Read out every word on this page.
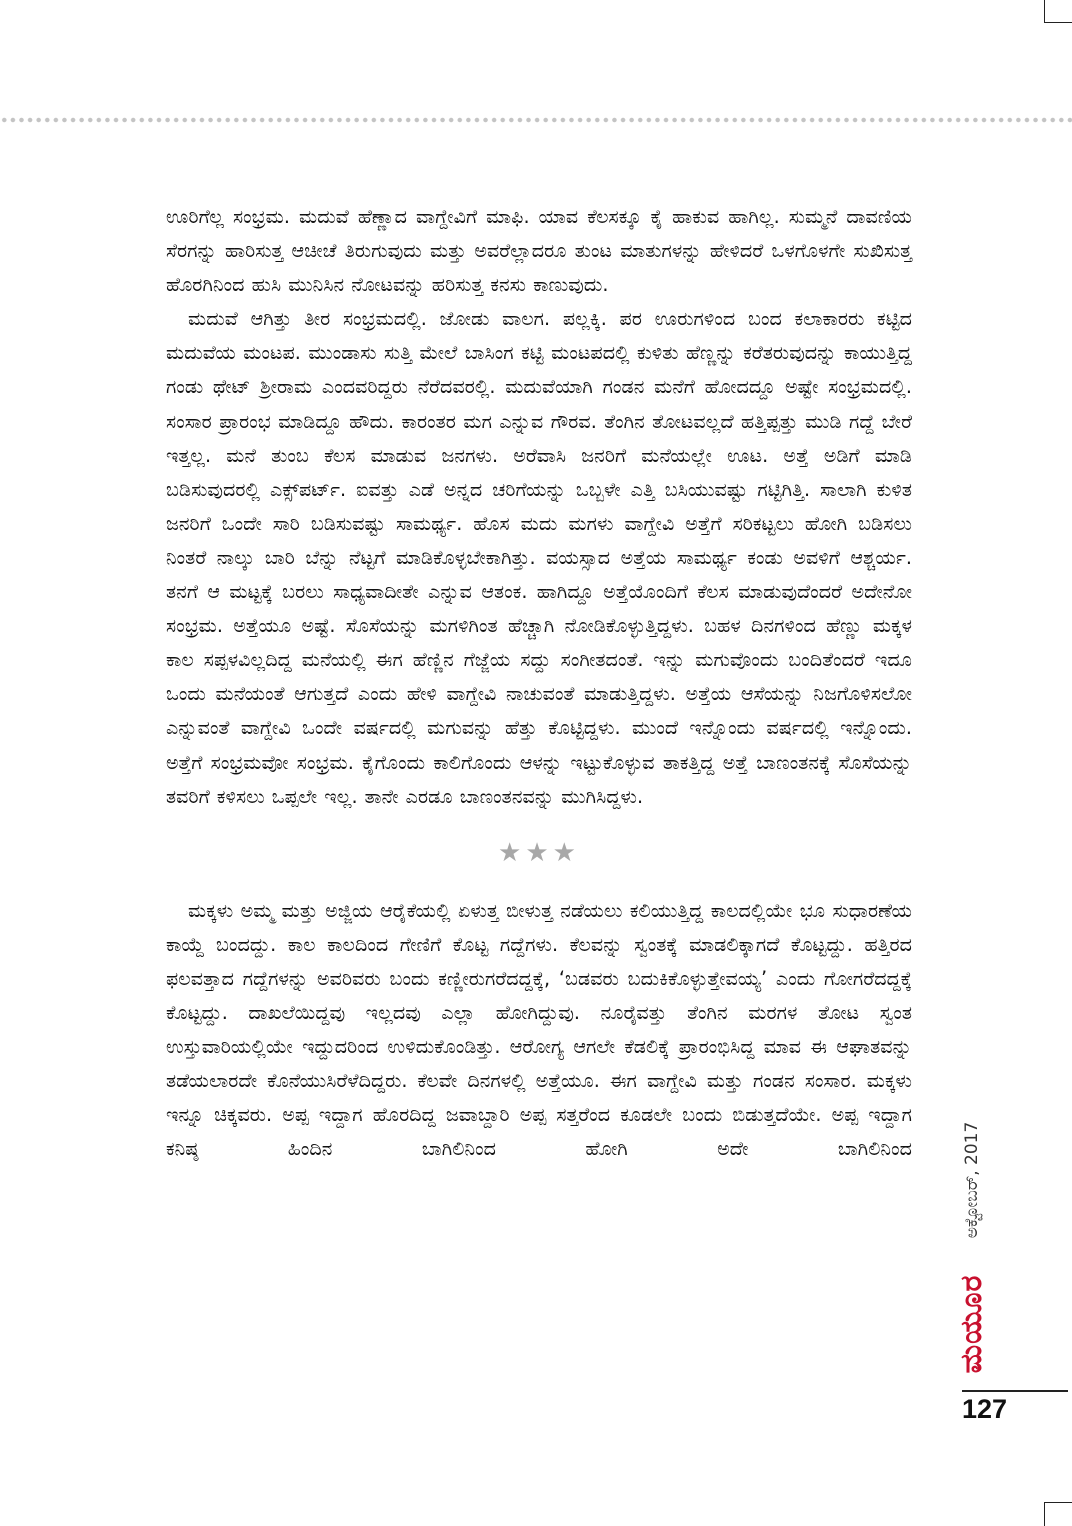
ಊರಿಗೆಲ್ಲ ಸಂಭ್ರಮ. ಮದುವೆ ಹೆಣ್ಣಾದ ವಾಗ್ದೇವಿಗೆ ಮಾಫಿ. ಯಾವ ಕೆಲಸಕ್ಕೂ ಕೈ ಹಾಕುವ ಹಾಗಿಲ್ಲ. ಸುಮ್ಮನೆ ದಾವಣಿಯ ಸೆರಗನ್ನು ಹಾರಿಸುತ್ತ ಆಚೀಚೆ ತಿರುಗುವುದು ಮತ್ತು ಅವರೆಲ್ಲಾದರೂ ತುಂಟ ಮಾತುಗಳನ್ನು ಹೇಳಿದರೆ ಒಳಗೊಳಗೇ ಸುಖಿಸುತ್ತ ಹೊರಗಿನಿಂದ ಹುಸಿ ಮುನಿಸಿನ ನೋಟವನ್ನು ಹರಿಸುತ್ತ ಕನಸು ಕಾಣುವುದು.

ಮದುವೆ ಆಗಿತ್ತು ತೀರ ಸಂಭ್ರಮದಲ್ಲಿ. ಜೋಡು ವಾಲಗ. ಪಲ್ಲಕ್ಕಿ. ಪರ ಊರುಗಳಿಂದ ಬಂದ ಕಲಾಕಾರರು ಕಟ್ಟಿದ ಮದುವೆಯ ಮಂಟಪ. ಮುಂಡಾಸು ಸುತ್ತಿ ಮೇಲೆ ಬಾಸಿಂಗ ಕಟ್ಟಿ ಮಂಟಪದಲ್ಲಿ ಕುಳಿತು ಹೆಣ್ಣನ್ನು ಕರೆತರುವುದನ್ನು ಕಾಯುತ್ತಿದ್ದ ಗಂಡು ಥೇಟ್ ಶ್ರೀರಾಮ ಎಂದವರಿದ್ದರು ನೆರೆದವರಲ್ಲಿ. ಮದುವೆಯಾಗಿ ಗಂಡನ ಮನೆಗೆ ಹೋದದ್ದೂ ಅಷ್ಟೇ ಸಂಭ್ರಮದಲ್ಲಿ. ಸಂಸಾರ ಪ್ರಾರಂಭ ಮಾಡಿದ್ದೂ ಹೌದು. ಕಾರಂತರ ಮಗ ಎನ್ನುವ ಗೌರವ. ತೆಂಗಿನ ತೋಟವಲ್ಲದೆ ಹತ್ತಿಪ್ಪತ್ತು ಮುಡಿ ಗದ್ದೆ ಬೇರೆ ಇತ್ತಲ್ಲ. ಮನೆ ತುಂಬ ಕೆಲಸ ಮಾಡುವ ಜನಗಳು. ಅರೆವಾಸಿ ಜನರಿಗೆ ಮನೆಯಲ್ಲೇ ಊಟ. ಅತ್ತೆ ಅಡಿಗೆ ಮಾಡಿ ಬಡಿಸುವುದರಲ್ಲಿ ಎಕ್ಸ್‌ಪರ್ಟ್. ಐವತ್ತು ಎಡೆ ಅನ್ನದ ಚರಿಗೆಯನ್ನು ಒಬ್ಬಳೇ ಎತ್ತಿ ಬಸಿಯುವಷ್ಟು ಗಟ್ಟಿಗಿತ್ತಿ. ಸಾಲಾಗಿ ಕುಳಿತ ಜನರಿಗೆ ಒಂದೇ ಸಾರಿ ಬಡಿಸುವಷ್ಟು ಸಾಮರ್ಥ್ಯ. ಹೊಸ ಮದು ಮಗಳು ವಾಗ್ದೇವಿ ಅತ್ತೆಗೆ ಸರಿಕಟ್ಟಲು ಹೋಗಿ ಬಡಿಸಲು ನಿಂತರೆ ನಾಲ್ಕು ಬಾರಿ ಬೆನ್ನು ನೆಟ್ಟಗೆ ಮಾಡಿಕೊಳ್ಳಬೇಕಾಗಿತ್ತು. ವಯಸ್ಸಾದ ಅತ್ತೆಯ ಸಾಮರ್ಥ್ಯ ಕಂಡು ಅವಳಿಗೆ ಆಶ್ಚರ್ಯ. ತನಗೆ ಆ ಮಟ್ಟಕ್ಕೆ ಬರಲು ಸಾಧ್ಯವಾದೀತೇ ಎನ್ನುವ ಆತಂಕ. ಹಾಗಿದ್ದೂ ಅತ್ತೆಯೊಂದಿಗೆ ಕೆಲಸ ಮಾಡುವುದೆಂದರೆ ಅದೇನೋ ಸಂಭ್ರಮ. ಅತ್ತೆಯೂ ಅಷ್ಟೆ. ಸೊಸೆಯನ್ನು ಮಗಳಿಗಿಂತ ಹೆಚ್ಚಾಗಿ ನೋಡಿಕೊಳ್ಳುತ್ತಿದ್ದಳು. ಬಹಳ ದಿನಗಳಿಂದ ಹೆಣ್ಣು ಮಕ್ಕಳ ಕಾಲ ಸಪ್ಪಳವಿಲ್ಲದಿದ್ದ ಮನೆಯಲ್ಲಿ ಈಗ ಹೆಣ್ಣಿನ ಗೆಜ್ಜೆಯ ಸದ್ದು ಸಂಗೀತದಂತೆ. ಇನ್ನು ಮಗುವೊಂದು ಬಂದಿತೆಂದರೆ ಇದೂ ಒಂದು ಮನೆಯಂತೆ ಆಗುತ್ತದೆ ಎಂದು ಹೇಳಿ ವಾಗ್ದೇವಿ ನಾಚುವಂತೆ ಮಾಡುತ್ತಿದ್ದಳು. ಅತ್ತೆಯ ಆಸೆಯನ್ನು ನಿಜಗೊಳಿಸಲೋ ಎನ್ನುವಂತೆ ವಾಗ್ದೇವಿ ಒಂದೇ ವರ್ಷದಲ್ಲಿ ಮಗುವನ್ನು ಹೆತ್ತು ಕೊಟ್ಟಿದ್ದಳು. ಮುಂದೆ ಇನ್ನೊಂದು ವರ್ಷದಲ್ಲಿ ಇನ್ನೊಂದು. ಅತ್ತೆಗೆ ಸಂಭ್ರಮವೋ ಸಂಭ್ರಮ. ಕೈಗೊಂದು ಕಾಲಿಗೊಂದು ಆಳನ್ನು ಇಟ್ಟುಕೊಳ್ಳುವ ತಾಕತ್ತಿದ್ದ ಅತ್ತೆ ಬಾಣಂತನಕ್ಕೆ ಸೊಸೆಯನ್ನು ತವರಿಗೆ ಕಳಿಸಲು ಒಪ್ಪಲೇ ಇಲ್ಲ. ತಾನೇ ಎರಡೂ ಬಾಣಂತನವನ್ನು ಮುಗಿಸಿದ್ದಳು.

★★★

ಮಕ್ಕಳು ಅಮ್ಮ ಮತ್ತು ಅಜ್ಜಿಯ ಆರೈಕೆಯಲ್ಲಿ ಏಳುತ್ತ ಬೀಳುತ್ತ ನಡೆಯಲು ಕಲಿಯುತ್ತಿದ್ದ ಕಾಲದಲ್ಲಿಯೇ ಭೂ ಸುಧಾರಣೆಯ ಕಾಯ್ದೆ ಬಂದದ್ದು. ಕಾಲ ಕಾಲದಿಂದ ಗೇಣಿಗೆ ಕೊಟ್ಟ ಗದ್ದೆಗಳು. ಕೆಲವನ್ನು ಸ್ವಂತಕ್ಕೆ ಮಾಡಲಿಕ್ಕಾಗದೆ ಕೊಟ್ಟದ್ದು. ಹತ್ತಿರದ ಫಲವತ್ತಾದ ಗದ್ದೆಗಳನ್ನು ಅವರಿವರು ಬಂದು ಕಣ್ಣೀರುಗರೆದದ್ದಕ್ಕೆ, ‘ಬಡವರು ಬದುಕಿಕೊಳ್ಳುತ್ತೇವಯ್ಯ’ ಎಂದು ಗೋಗರೆದದ್ದಕ್ಕೆ ಕೊಟ್ಟದ್ದು. ದಾಖಲೆಯಿದ್ದವು ಇಲ್ಲದವು ಎಲ್ಲಾ ಹೋಗಿದ್ದುವು. ನೂರೈವತ್ತು ತೆಂಗಿನ ಮರಗಳ ತೋಟ ಸ್ವಂತ ಉಸ್ತುವಾರಿಯಲ್ಲಿಯೇ ಇದ್ದುದರಿಂದ ಉಳಿದುಕೊಂಡಿತ್ತು. ಆರೋಗ್ಯ ಆಗಲೇ ಕೆಡಲಿಕ್ಕೆ ಪ್ರಾರಂಭಿಸಿದ್ದ ಮಾವ ಈ ಆಘಾತವನ್ನು ತಡೆಯಲಾರದೇ ಕೊನೆಯುಸಿರೆಳೆದಿದ್ದರು. ಕೆಲವೇ ದಿನಗಳಲ್ಲಿ ಅತ್ತೆಯೂ. ಈಗ ವಾಗ್ದೇವಿ ಮತ್ತು ಗಂಡನ ಸಂಸಾರ. ಮಕ್ಕಳು ಇನ್ನೂ ಚಿಕ್ಕವರು. ಅಪ್ಪ ಇದ್ದಾಗ ಹೊರದಿದ್ದ ಜವಾಬ್ದಾರಿ ಅಪ್ಪ ಸತ್ತರೆಂದ ಕೂಡಲೇ ಬಂದು ಬಿಡುತ್ತದೆಯೇ. ಅಪ್ಪ ಇದ್ದಾಗ ಕನಿಷ್ಠ ಹಿಂದಿನ ಬಾಗಿಲಿನಿಂದ ಹೋಗಿ ಅದೇ ಬಾಗಿಲಿನಿಂದ	ಅಕ್ಟೋಬರ್, 2017
ಮಯೂರ
127
